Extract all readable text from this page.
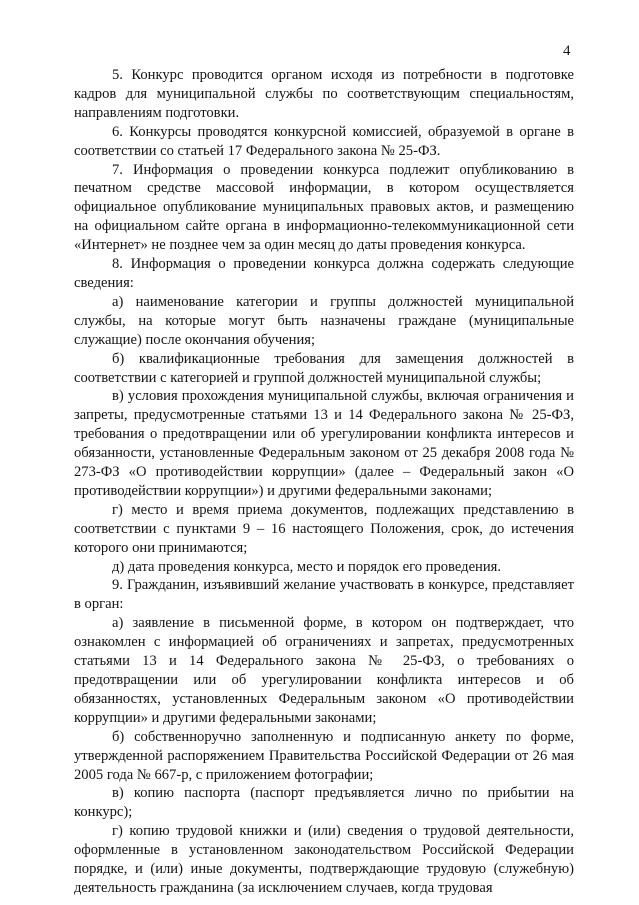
4

5. Конкурс проводится органом исходя из потребности в подготовке кадров для муниципальной службы по соответствующим специальностям, направлениям подготовки.

6. Конкурсы проводятся конкурсной комиссией, образуемой в органе в соответствии со статьей 17 Федерального закона № 25-ФЗ.

7. Информация о проведении конкурса подлежит опубликованию в печатном средстве массовой информации, в котором осуществляется официальное опубликование муниципальных правовых актов, и размещению на официальном сайте органа в информационно-телекоммуникационной сети «Интернет» не позднее чем за один месяц до даты проведения конкурса.

8. Информация о проведении конкурса должна содержать следующие сведения:

а) наименование категории и группы должностей муниципальной службы, на которые могут быть назначены граждане (муниципальные служащие) после окончания обучения;

б) квалификационные требования для замещения должностей в соответствии с категорией и группой должностей муниципальной службы;

в) условия прохождения муниципальной службы, включая ограничения и запреты, предусмотренные статьями 13 и 14 Федерального закона № 25-ФЗ, требования о предотвращении или об урегулировании конфликта интересов и обязанности, установленные Федеральным законом от 25 декабря 2008 года № 273-ФЗ «О противодействии коррупции» (далее – Федеральный закон «О противодействии коррупции») и другими федеральными законами;

г) место и время приема документов, подлежащих представлению в соответствии с пунктами 9 – 16 настоящего Положения, срок, до истечения которого они принимаются;

д) дата проведения конкурса, место и порядок его проведения.

9. Гражданин, изъявивший желание участвовать в конкурсе, представляет в орган:

а) заявление в письменной форме, в котором он подтверждает, что ознакомлен с информацией об ограничениях и запретах, предусмотренных статьями 13 и 14 Федерального закона № 25-ФЗ, о требованиях о предотвращении или об урегулировании конфликта интересов и об обязанностях, установленных Федеральным законом «О противодействии коррупции» и другими федеральными законами;

б) собственноручно заполненную и подписанную анкету по форме, утвержденной распоряжением Правительства Российской Федерации от 26 мая 2005 года № 667-р, с приложением фотографии;

в) копию паспорта (паспорт предъявляется лично по прибытии на конкурс);

г) копию трудовой книжки и (или) сведения о трудовой деятельности, оформленные в установленном законодательством Российской Федерации порядке, и (или) иные документы, подтверждающие трудовую (служебную) деятельность гражданина (за исключением случаев, когда трудовая
